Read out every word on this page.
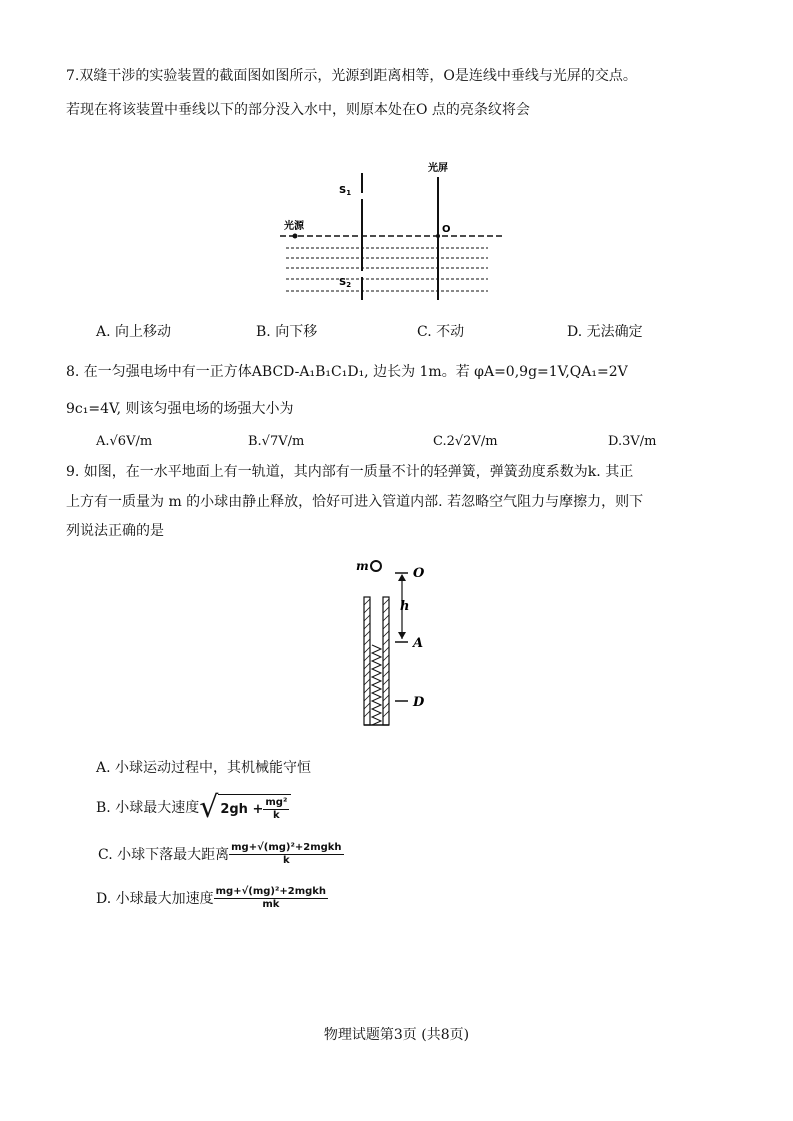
7.双缝干涉的实验装置的截面图如图所示，光源到距离相等，O是连线中垂线与光屏的交点。
若现在将该装置中垂线以下的部分没入水中，则原本处在O 点的亮条纹将会
光屏
光源
$S_1$
$S_2$
O
A. 向上移动	B. 向下移	C. 不动	D. 无法确定
8. 在一匀强电场中有一正方体ABCD-A₁B₁C₁D₁, 边长为 1m。若 φA=0,9g=1V,QA₁=2V
9c₁=4V, 则该匀强电场的场强大小为
A.√6V/m	B.√7V/m	C.2√2V/m	D.3V/m
9. 如图，在一水平地面上有一轨道，其内部有一质量不计的轻弹簧，弹簧劲度系数为k. 其正
上方有一质量为 m 的小球由静止释放，恰好可进入管道内部. 若忽略空气阻力与摩擦力，则下
列说法正确的是
m	O
h
A
D
A. 小球运动过程中，其机械能守恒
B. 小球最大速度 √ $2gh + \frac{\text{mg²}}{k}$
C. 小球下落最大距离 $\frac{\text{mg+√(mg)²+2mgkh}}{k}$
D. 小球最大加速度 $\frac{\text{mg+√(mg)²+2mgkh}}{mk}$
物理试题第3页 (共8页)
